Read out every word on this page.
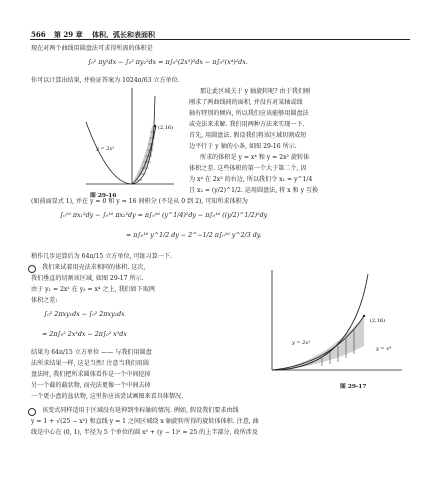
566 第 29 章 体积、弧长和表面积
现在对两个曲线用圆盘法可求得所需的体积是
∫₀² πy²dx − ∫₀² πy₂²dx = π∫₀²(2x²)²dx − π∫₀²(x⁴)²dx.
你可以计算出结果, 并验证答案为 1024π/63 立方单位.
(2,16)
y = 2x²
图 29-16
那让此区域关于 y 轴旋转呢? 由于我们刚
刚求了两曲线间的面积, 并没有对某轴或线
轴有特别的倾向, 所以我们应该能够用圆盘法
或壳法来求解. 我们用两种方法来实现一下.
首先, 用圆盘法. 假设我们将该区域切割成短
边平行于 y 轴的小条, 如图 29-16 所示.
所求的体积是 y = x⁴ 和 y = 2x² 旋转体
体积之差. 这些体积的第一个大于第二个, 因
为 x⁴ 在 2x² 的右边, 所以我们令 x₁ = y^1/4
且 x₂ = (y/2)^1/2. 运用圆盘法, 将 x 和 y 互换
(如前面显式 1), 并在 y = 0 和 y = 16 间积分 (不是从 0 到 2), 可知所求体积为
∫₀¹⁶ πx₁²dy − ∫₀¹⁶ πx₂²dy = π∫₀¹⁶ (y^1/4)²dy − π∫₀¹⁶ ((y/2)^1/2)²dy
= π∫₀¹⁶ y^1/2 dy − 2^−1/2 π∫₀¹⁶ y^2/3 dy.
稍作几步运算后为 64π/15 立方单位, 可练习算一下.
我们来试着用壳法求相同的体积. 这次,
我们垂直的切割该区域, 如图 29-17 所示.
由于 y₁ = 2x² 在 y₂ = x⁴ 之上, 我们如下取两
体积之差:
∫₀² 2πxy₁dx − ∫₀² 2πxy₂dx
= 2π∫₀² 2x³dx − 2π∫₀² x⁵dx
结果为 64π/15 立方单位 —— 与我们用圆盘
法所求结果一样, 这是当然! 注意当我们用圆
盘法时, 我们把所求圆体看作是一个中间挖掉
另一个截的截状物, 而壳法更像一个中间去掉
一个更小盘的盆状物, 这里你应该尝试画图来看具体情况.
(2,16)
y = 2x²
y = x⁴
图 29-17
该变式同样适用于区域没有延伸到坐标轴的情况. 例如, 假设我们要求由线
y = 1 + √(25 − x²) 和直线 y = 1 之间区域绕 x 轴旋转所得的旋转体体积. 注意, 曲
线是中心在 (0, 1), 半径为 5 个单位的圆 x² + (y − 1)² = 25 的上半部分, 故所涉及
